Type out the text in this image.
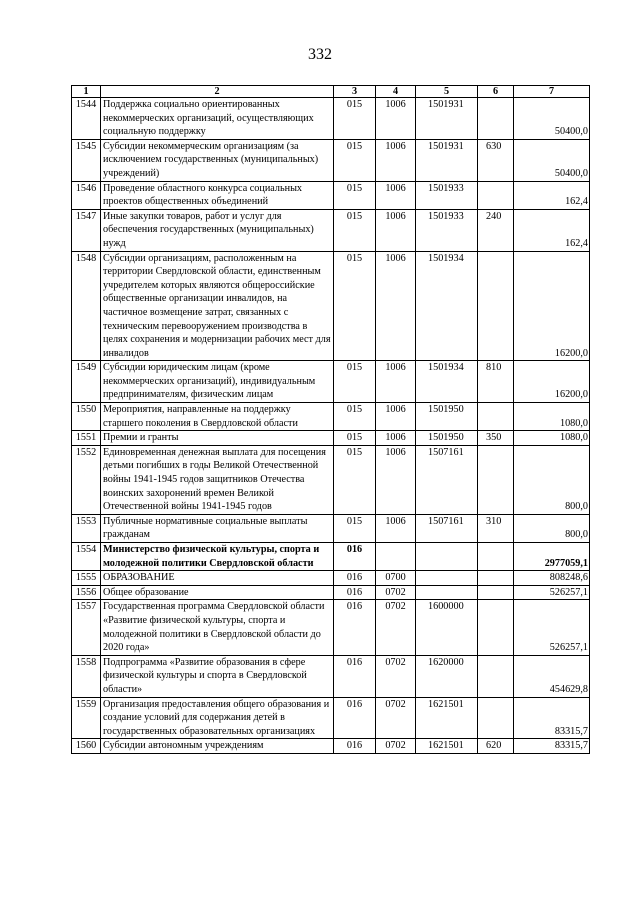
332
1	2	3	4	5	6	7
1544	Поддержка социально ориентированных некоммерческих организаций, осуществляющих социальную поддержку	015	1006	1501931		50400,0
1545	Субсидии некоммерческим организациям (за исключением государственных (муниципальных) учреждений)	015	1006	1501931	630	50400,0
1546	Проведение областного конкурса социальных проектов общественных объединений	015	1006	1501933		162,4
1547	Иные закупки товаров, работ и услуг для обеспечения государственных (муниципальных) нужд	015	1006	1501933	240	162,4
1548	Субсидии организациям, расположенным на территории Свердловской области, единственным учредителем которых являются общероссийские общественные организации инвалидов, на частичное возмещение затрат, связанных с техническим перевооружением производства в целях сохранения и модернизации рабочих мест для инвалидов	015	1006	1501934		16200,0
1549	Субсидии юридическим лицам (кроме некоммерческих организаций), индивидуальным предпринимателям, физическим лицам	015	1006	1501934	810	16200,0
1550	Мероприятия, направленные на поддержку старшего поколения в Свердловской области	015	1006	1501950		1080,0
1551	Премии и гранты	015	1006	1501950	350	1080,0
1552	Единовременная денежная выплата для посещения детьми погибших в годы Великой Отечественной войны 1941-1945 годов защитников Отечества воинских захоронений времен Великой Отечественной войны 1941-1945 годов	015	1006	1507161		800,0
1553	Публичные нормативные социальные выплаты гражданам	015	1006	1507161	310	800,0
1554	Министерство физической культуры, спорта и молодежной политики Свердловской области	016				2977059,1
1555	ОБРАЗОВАНИЕ	016	0700			808248,6
1556	Общее образование	016	0702			526257,1
1557	Государственная программа Свердловской области «Развитие физической культуры, спорта и молодежной политики в Свердловской области до 2020 года»	016	0702	1600000		526257,1
1558	Подпрограмма «Развитие образования в сфере физической культуры и спорта в Свердловской области»	016	0702	1620000		454629,8
1559	Организация предоставления общего образования и создание условий для содержания детей в государственных образовательных организациях	016	0702	1621501		83315,7
1560	Субсидии автономным учреждениям	016	0702	1621501	620	83315,7
